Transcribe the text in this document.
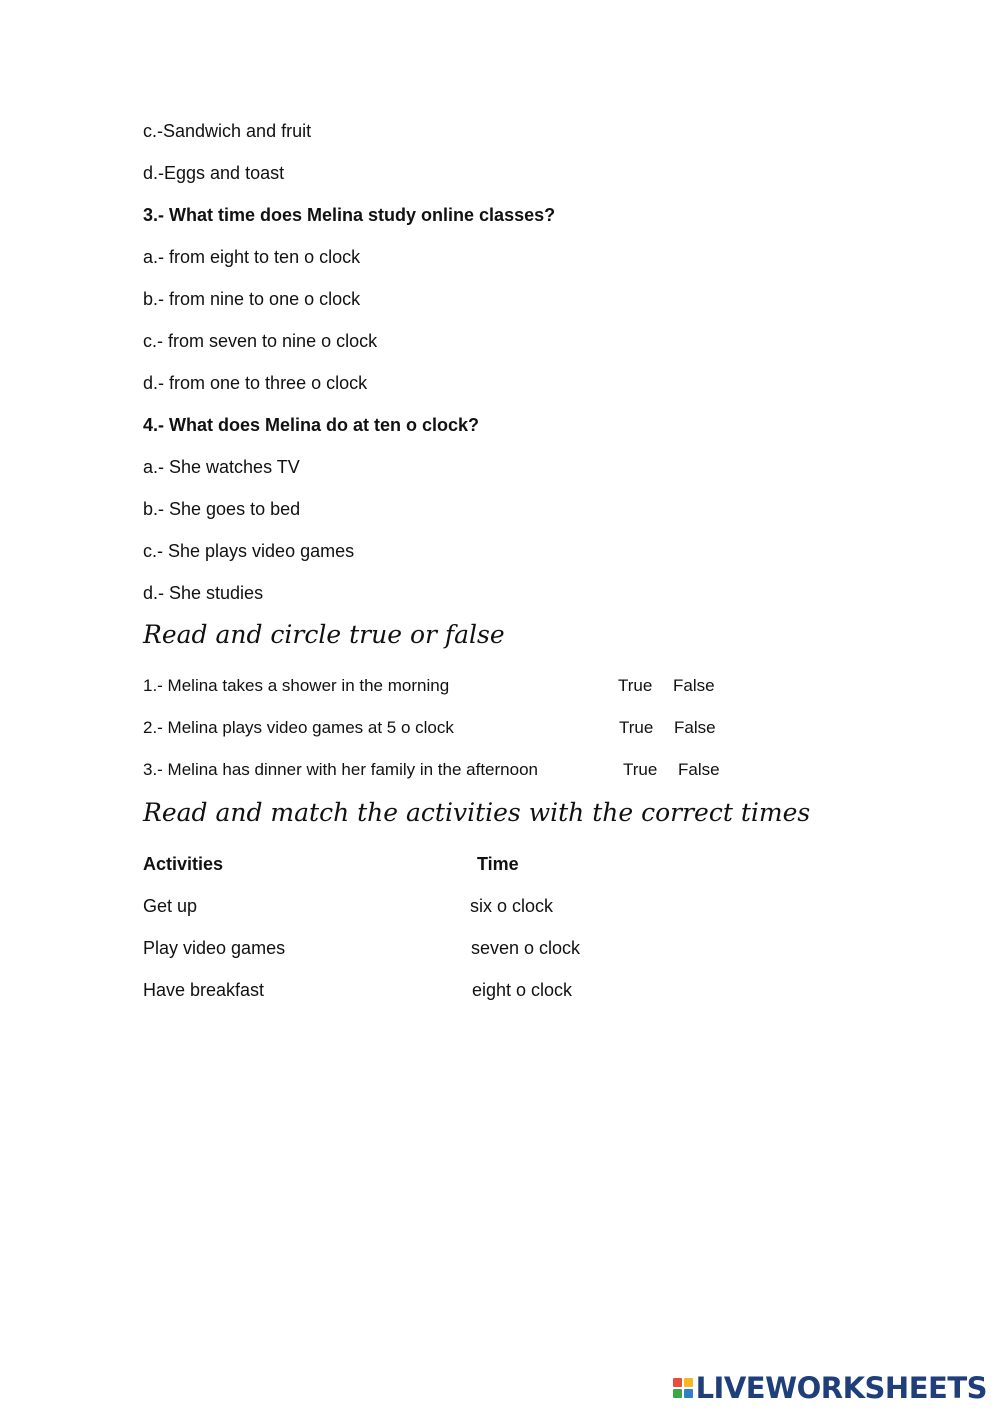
c.-Sandwich and fruit
d.-Eggs and toast
3.- What time does Melina study online classes?
a.- from eight to ten o clock
b.- from nine to one o clock
c.- from seven to nine o clock
d.- from one to three o clock
4.- What does Melina do at ten o clock?
a.- She watches TV
b.- She goes to bed
c.- She plays video games
d.- She studies
Read and circle true or false
1.- Melina takes a shower in the morning	True False
2.- Melina plays video games at 5 o clock	True False
3.- Melina has dinner with her family in the afternoon	True False
Read and match the activities with the correct times
Activities	Time
Get up	six o clock
Play video games	seven o clock
Have breakfast	eight o clock
LIVEWORKSHEETS
